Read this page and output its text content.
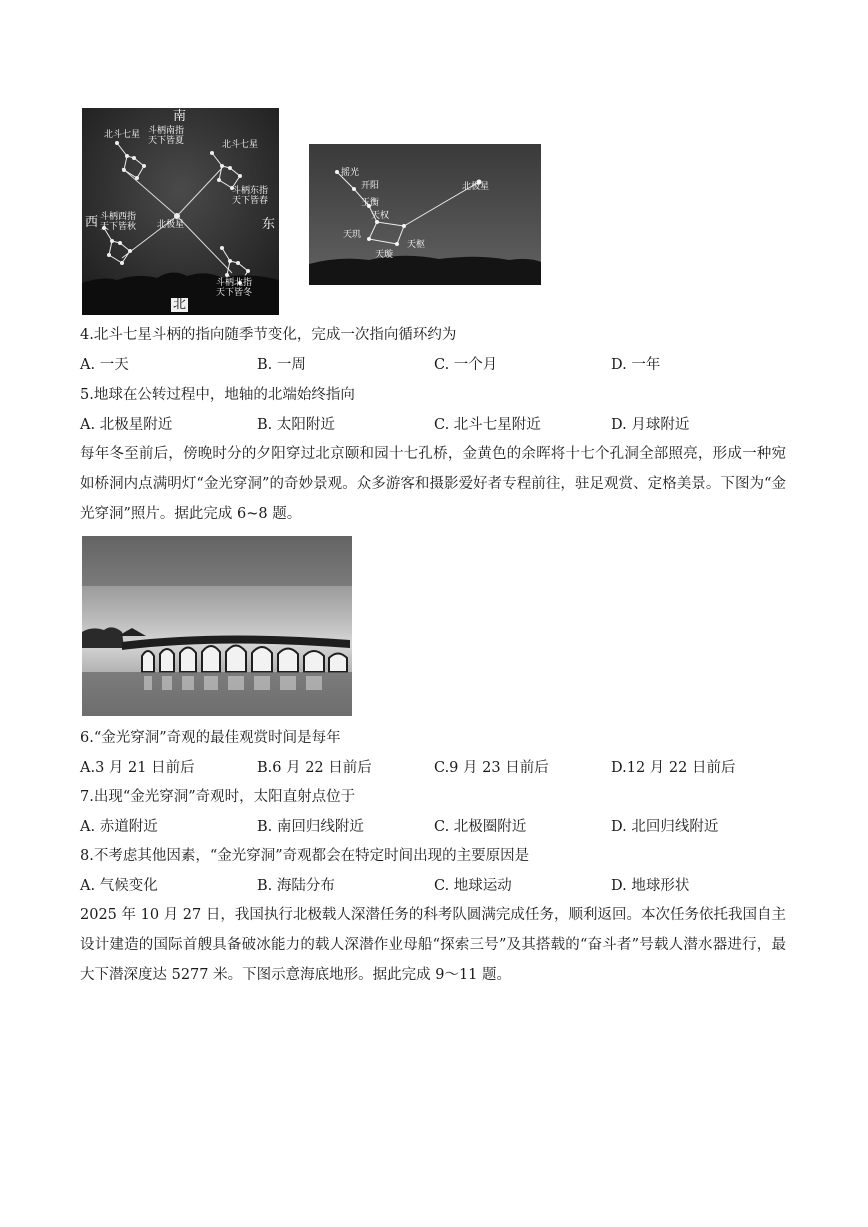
南
西	东
北
北极星
北斗七星 斗柄南指
天下皆夏	北斗七星
斗柄东指
天下皆春
斗柄西指
天下皆秋
斗柄北指
天下皆冬
摇光
开阳
玉衡
天权
天玑
天枢
天璇
北极星
4.北斗七星斗柄的指向随季节变化，完成一次指向循环约为
A. 一天	B. 一周	C. 一个月	D. 一年
5.地球在公转过程中，地轴的北端始终指向
A. 北极星附近	B. 太阳附近	C. 北斗七星附近	D. 月球附近
每年冬至前后，傍晚时分的夕阳穿过北京颐和园十七孔桥，金黄色的余晖将十七个孔洞全部照亮，形成一种宛如桥洞内点满明灯“金光穿洞”的奇妙景观。众多游客和摄影爱好者专程前往，驻足观赏、定格美景。下图为“金光穿洞”照片。据此完成 6~8 题。
6.“金光穿洞”奇观的最佳观赏时间是每年
A.3 月 21 日前后	B.6 月 22 日前后	C.9 月 23 日前后	D.12 月 22 日前后
7.出现“金光穿洞”奇观时，太阳直射点位于
A. 赤道附近	B. 南回归线附近	C. 北极圈附近	D. 北回归线附近
8.不考虑其他因素，“金光穿洞”奇观都会在特定时间出现的主要原因是
A. 气候变化	B. 海陆分布	C. 地球运动	D. 地球形状
2025 年 10 月 27 日，我国执行北极载人深潜任务的科考队圆满完成任务，顺利返回。本次任务依托我国自主设计建造的国际首艘具备破冰能力的载人深潜作业母船“探索三号”及其搭载的“奋斗者”号载人潜水器进行，最大下潜深度达 5277 米。下图示意海底地形。据此完成 9～11 题。
